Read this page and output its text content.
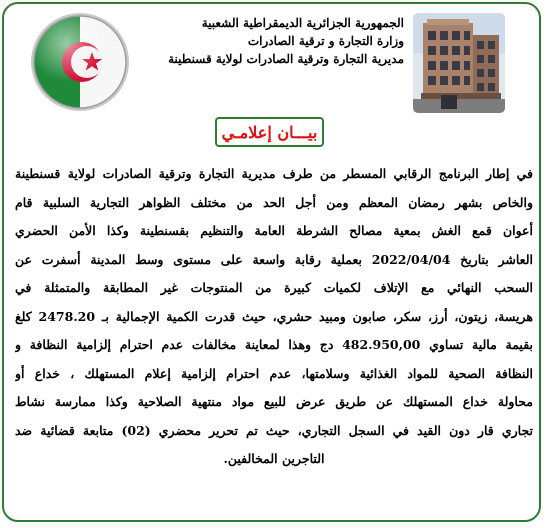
الجمهورية الجزائرية الديمقراطية الشعبية
وزارة التجارة و ترقية الصادرات
مديرية التجارة وترقية الصادرات لولاية قسنطينة
بيـــان إعلامـي
في إطار البرنامج الرقابي المسطر من طرف مديرية التجارة وترقية الصادرات لولاية قسنطينة
والخاص بشهر رمضان المعظم ومن أجل الحد من مختلف الظواهر التجارية السلبية قام
أعوان قمع الغش بمعية مصالح الشرطة العامة والتنظيم بقسنطينة وكذا الأمن الحضري
العاشر بتاريخ 2022/04/04 بعملية رقابة واسعة على مستوى وسط المدينة أسفرت عن
السحب النهائي مع الإتلاف لكميات كبيرة من المنتوجات غير المطابقة والمتمثلة في
هريسة، زيتون، أرز، سكر، صابون ومبيد حشري، حيث قدرت الكمية الإجمالية بـ 2478.20 كلغ
بقيمة مالية تساوي 482.950,00 دج وهذا لمعاينة مخالفات عدم احترام إلزامية النظافة و
النظافة الصحية للمواد الغذائية وسلامتها، عدم احترام إلزامية إعلام المستهلك ، خداع أو
محاولة خداع المستهلك عن طريق عرض للبيع مواد منتهية الصلاحية وكذا ممارسة نشاط
تجاري قار دون القيد في السجل التجاري، حيث تم تحرير محضري (02) متابعة قضائية ضد
التاجرين المخالفين.
